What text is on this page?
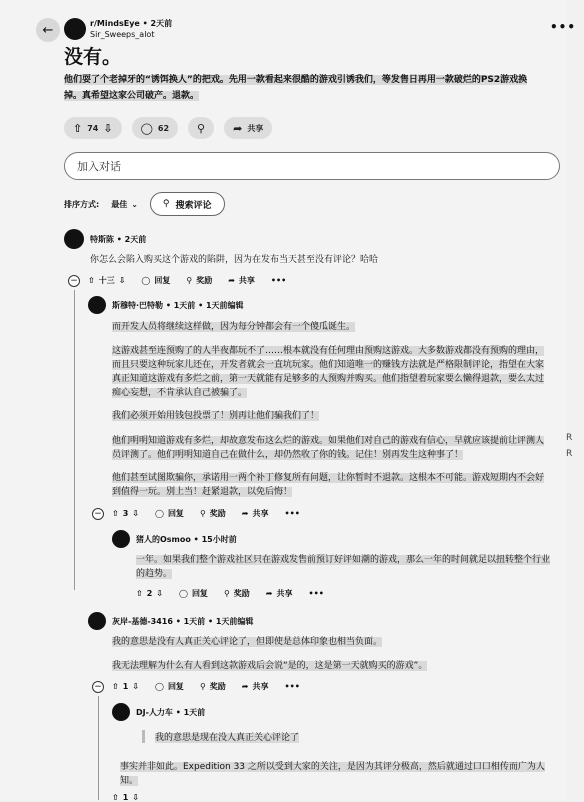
←	r/MindsEye • 2天前
Sir_Sweeps_alot
•••
没有。
他们耍了个老掉牙的“诱饵换人”的把戏。先用一款看起来很酷的游戏引诱我们，等发售日再用一款破烂的PS2游戏换掉。真希望这家公司破产。退款。
⇧ 74 ⇩	◯ 62	⚲	➦ 共享
加入对话
排序方式: 最佳 ⌄	⚲ 搜索评论
特斯陈 • 2天前
你怎么会陷入购买这个游戏的陷阱，因为在发布当天甚至没有评论？哈哈
− ⇧ 十三 ⇩ ◯ 回复 ⚲ 奖励 ➦ 共享 •••
斯穆特·巴特勒 • 1天前 • 1天前编辑
而开发人员将继续这样做，因为每分钟都会有一个傻瓜诞生。
这游戏甚至连预购了的人半夜都玩不了……根本就没有任何理由预购这游戏。大多数游戏都没有预购的理由，而且只要这种玩家儿还在，开发者就会一直坑玩家。他们知道唯一的赚钱方法就是严格限制评论，指望在大家真正知道这游戏有多烂之前，第一天就能有足够多的人预购并购买。他们指望着玩家要么懒得退款，要么太过痴心妄想，不肯承认自己被骗了。
我们必须开始用钱包投票了！别再让他们骗我们了！
他们明明知道游戏有多烂，却故意发布这么烂的游戏。如果他们对自己的游戏有信心，早就应该提前让评测人员评测了。他们明明知道自己在做什么，却仍然收了你的钱。记住！别再发生这种事了！
他们甚至试图欺骗你，承诺用一两个补丁修复所有问题，让你暂时不退款。这根本不可能。游戏短期内不会好到值得一玩。别上当！赶紧退款，以免后悔！
− ⇧ 3 ⇩ ◯ 回复 ⚲ 奖励 ➦ 共享 •••
猪人的Osmoo • 15小时前
一年。如果我们整个游戏社区只在游戏发售前预订好评如潮的游戏，那么一年的时间就足以扭转整个行业的趋势。
⇧ 2 ⇩ ◯ 回复 ⚲ 奖励 ➦ 共享 •••
灰岸-基德-3416 • 1天前 • 1天前编辑
我的意思是没有人真正关心评论了，但即使是总体印象也相当负面。
我无法理解为什么有人看到这款游戏后会说“是的，这是第一天就购买的游戏”。
− ⇧ 1 ⇩ ◯ 回复 ⚲ 奖励 ➦ 共享 •••
DJ-人力车 • 1天前
我的意思是现在没人真正关心评论了
事实并非如此。Expedition 33 之所以受到大家的关注，是因为其评分极高，然后就通过口口相传而广为人知。
⇧ 1 ⇩
R
R
